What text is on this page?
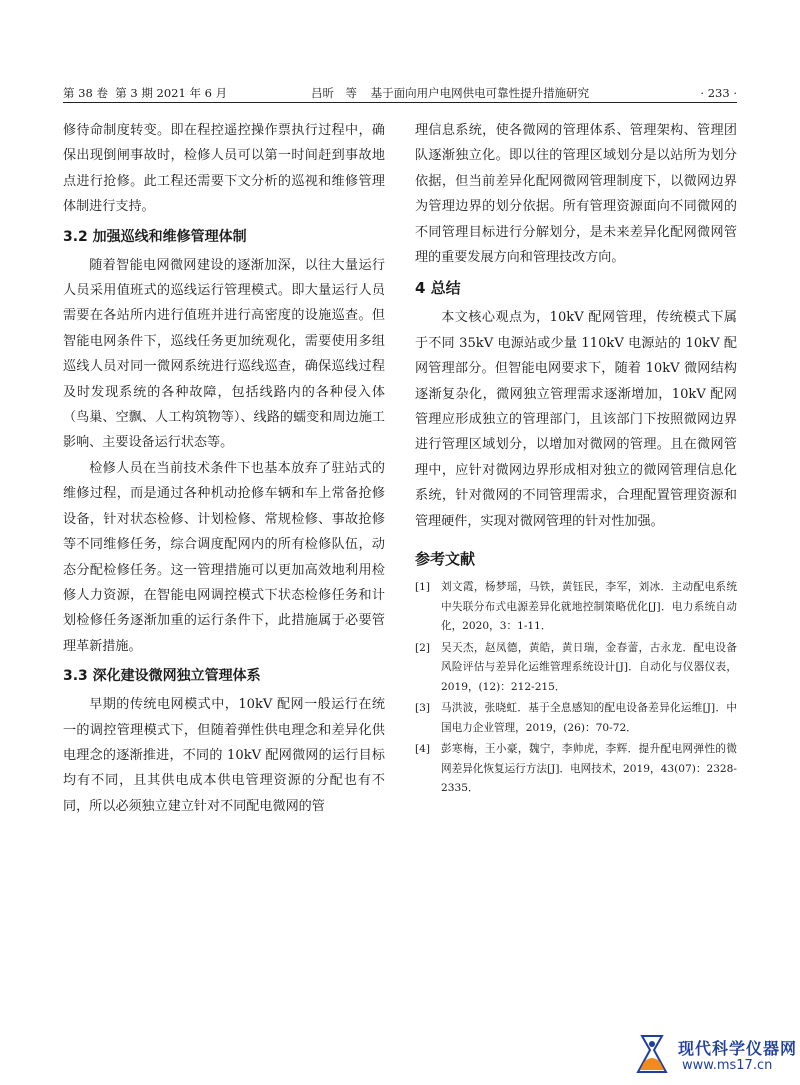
第 38 卷  第 3 期 2021 年 6 月	吕昕　等 基于面向用户电网供电可靠性提升措施研究	· 233 ·

修待命制度转变。即在程控遥控操作票执行过程中，确保出现倒闸事故时，检修人员可以第一时间赶到事故地点进行抢修。此工程还需要下文分析的巡视和维修管理体制进行支持。

3.2 加强巡线和维修管理体制

随着智能电网微网建设的逐渐加深，以往大量运行人员采用值班式的巡线运行管理模式。即大量运行人员需要在各站所内进行值班并进行高密度的设施巡查。但智能电网条件下，巡线任务更加统观化，需要使用多组巡线人员对同一微网系统进行巡线巡查，确保巡线过程及时发现系统的各种故障，包括线路内的各种侵入体（鸟巢、空飘、人工构筑物等）、线路的蠕变和周边施工影响、主要设备运行状态等。

检修人员在当前技术条件下也基本放弃了驻站式的维修过程，而是通过各种机动抢修车辆和车上常备抢修设备，针对状态检修、计划检修、常规检修、事故抢修等不同维修任务，综合调度配网内的所有检修队伍，动态分配检修任务。这一管理措施可以更加高效地利用检修人力资源，在智能电网调控模式下状态检修任务和计划检修任务逐渐加重的运行条件下，此措施属于必要管理革新措施。

3.3 深化建设微网独立管理体系

早期的传统电网模式中，10kV 配网一般运行在统一的调控管理模式下，但随着弹性供电理念和差异化供电理念的逐渐推进，不同的 10kV 配网微网的运行目标均有不同，且其供电成本供电管理资源的分配也有不同，所以必须独立建立针对不同配电微网的管

理信息系统，使各微网的管理体系、管理架构、管理团队逐渐独立化。即以往的管理区域划分是以站所为划分依据，但当前差异化配网微网管理制度下，以微网边界为管理边界的划分依据。所有管理资源面向不同微网的不同管理目标进行分解划分，是未来差异化配网微网管理的重要发展方向和管理技改方向。

4 总结

本文核心观点为，10kV 配网管理，传统模式下属于不同 35kV 电源站或少量 110kV 电源站的 10kV 配网管理部分。但智能电网要求下，随着 10kV 微网结构逐渐复杂化，微网独立管理需求逐渐增加，10kV 配网管理应形成独立的管理部门，且该部门下按照微网边界进行管理区域划分，以增加对微网的管理。且在微网管理中，应针对微网边界形成相对独立的微网管理信息化系统，针对微网的不同管理需求，合理配置管理资源和管理硬件，实现对微网管理的针对性加强。

参考文献
[1] 刘文霞，杨梦瑶，马铁，黄钰民，李军，刘冰．主动配电系统中失联分布式电源差异化就地控制策略优化[J]．电力系统自动化，2020，3：1-11．
[2] 吴天杰，赵凤德，黄皓，黄日瑞，金春蕾，古永龙．配电设备风险评估与差异化运维管理系统设计[J]．自动化与仪器仪表，2019，(12)：212-215．
[3] 马洪波，张晓虹．基于全息感知的配电设备差异化运维[J]．中国电力企业管理，2019，(26)：70-72．
[4] 彭寒梅，王小豪，魏宁，李帅虎，李辉．提升配电网弹性的微网差异化恢复运行方法[J]．电网技术，2019，43(07)：2328-2335．
现代科学仪器网
www.ms17.cn
